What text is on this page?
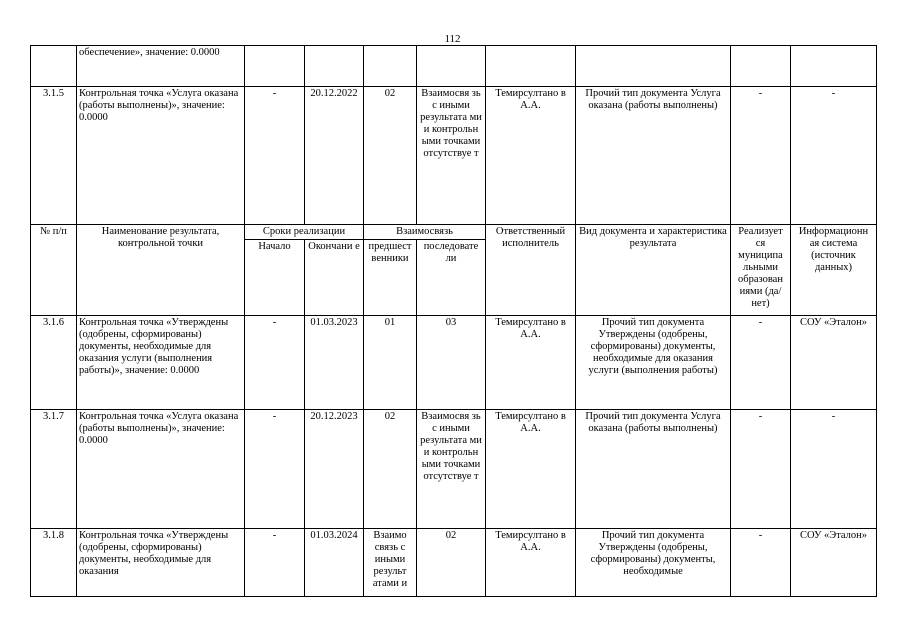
112
	обеспечение», значение: 0.0000								
3.1.5	Контрольная точка «Услуга оказана (работы выполнены)», значение: 0.0000	-	20.12.2022	02	Взаимосвя зь с иными результата ми и контрольн ыми точками отсутствуе т	Темирсултано в А.А.	Прочий тип документа Услуга оказана (работы выполнены)	-	-
№ п/п	Наименование результата, контрольной точки	Сроки реализации		Взаимосвязь		Ответственный исполнитель	Вид документа и характеристика результата	Реализует ся муниципа льными образован иями (да/нет)	Информационн ая система (источник данных)
		Начало	Окончани е	предшест венники	последовате ли				
3.1.6	Контрольная точка «Утверждены (одобрены, сформированы) документы, необходимые для оказания услуги (выполнения работы)», значение: 0.0000	-	01.03.2023	01	03	Темирсултано в А.А.	Прочий тип документа Утверждены (одобрены, сформированы) документы, необходимые для оказания услуги (выполнения работы)	-	СОУ «Эталон»
3.1.7	Контрольная точка «Услуга оказана (работы выполнены)», значение: 0.0000	-	20.12.2023	02	Взаимосвя зь с иными результата ми и контрольн ыми точками отсутствуе т	Темирсултано в А.А.	Прочий тип документа Услуга оказана (работы выполнены)	-	-
3.1.8	Контрольная точка «Утверждены (одобрены, сформированы) документы, необходимые для оказания	-	01.03.2024	Взаимо связь с иными результ атами и	02	Темирсултано в А.А.	Прочий тип документа Утверждены (одобрены, сформированы) документы, необходимые	-	СОУ «Эталон»
